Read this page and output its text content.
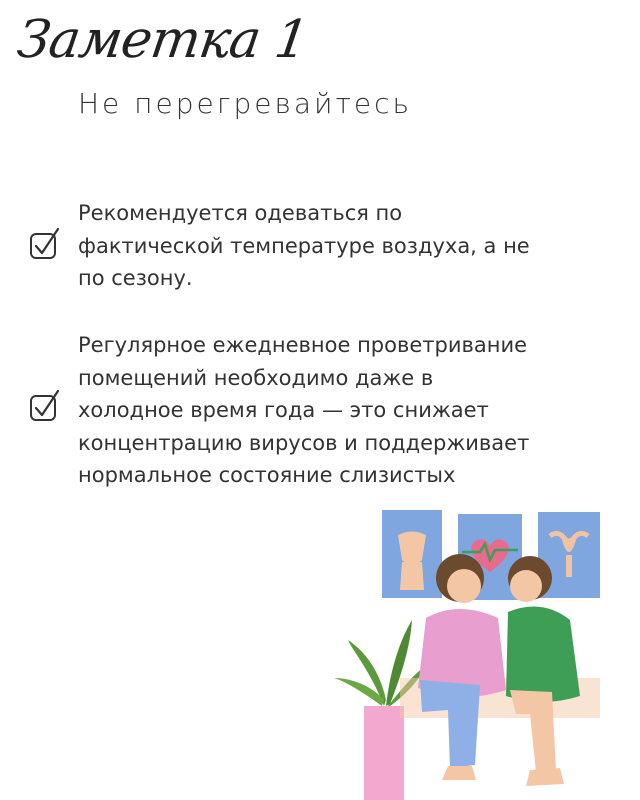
Заметка 1
Не перегревайтесь
Рекомендуется одеваться по фактической температуре воздуха, а не по сезону.
Регулярное ежедневное проветривание помещений необходимо даже в холодное время года — это снижает концентрацию вирусов и поддерживает нормальное состояние слизистых
